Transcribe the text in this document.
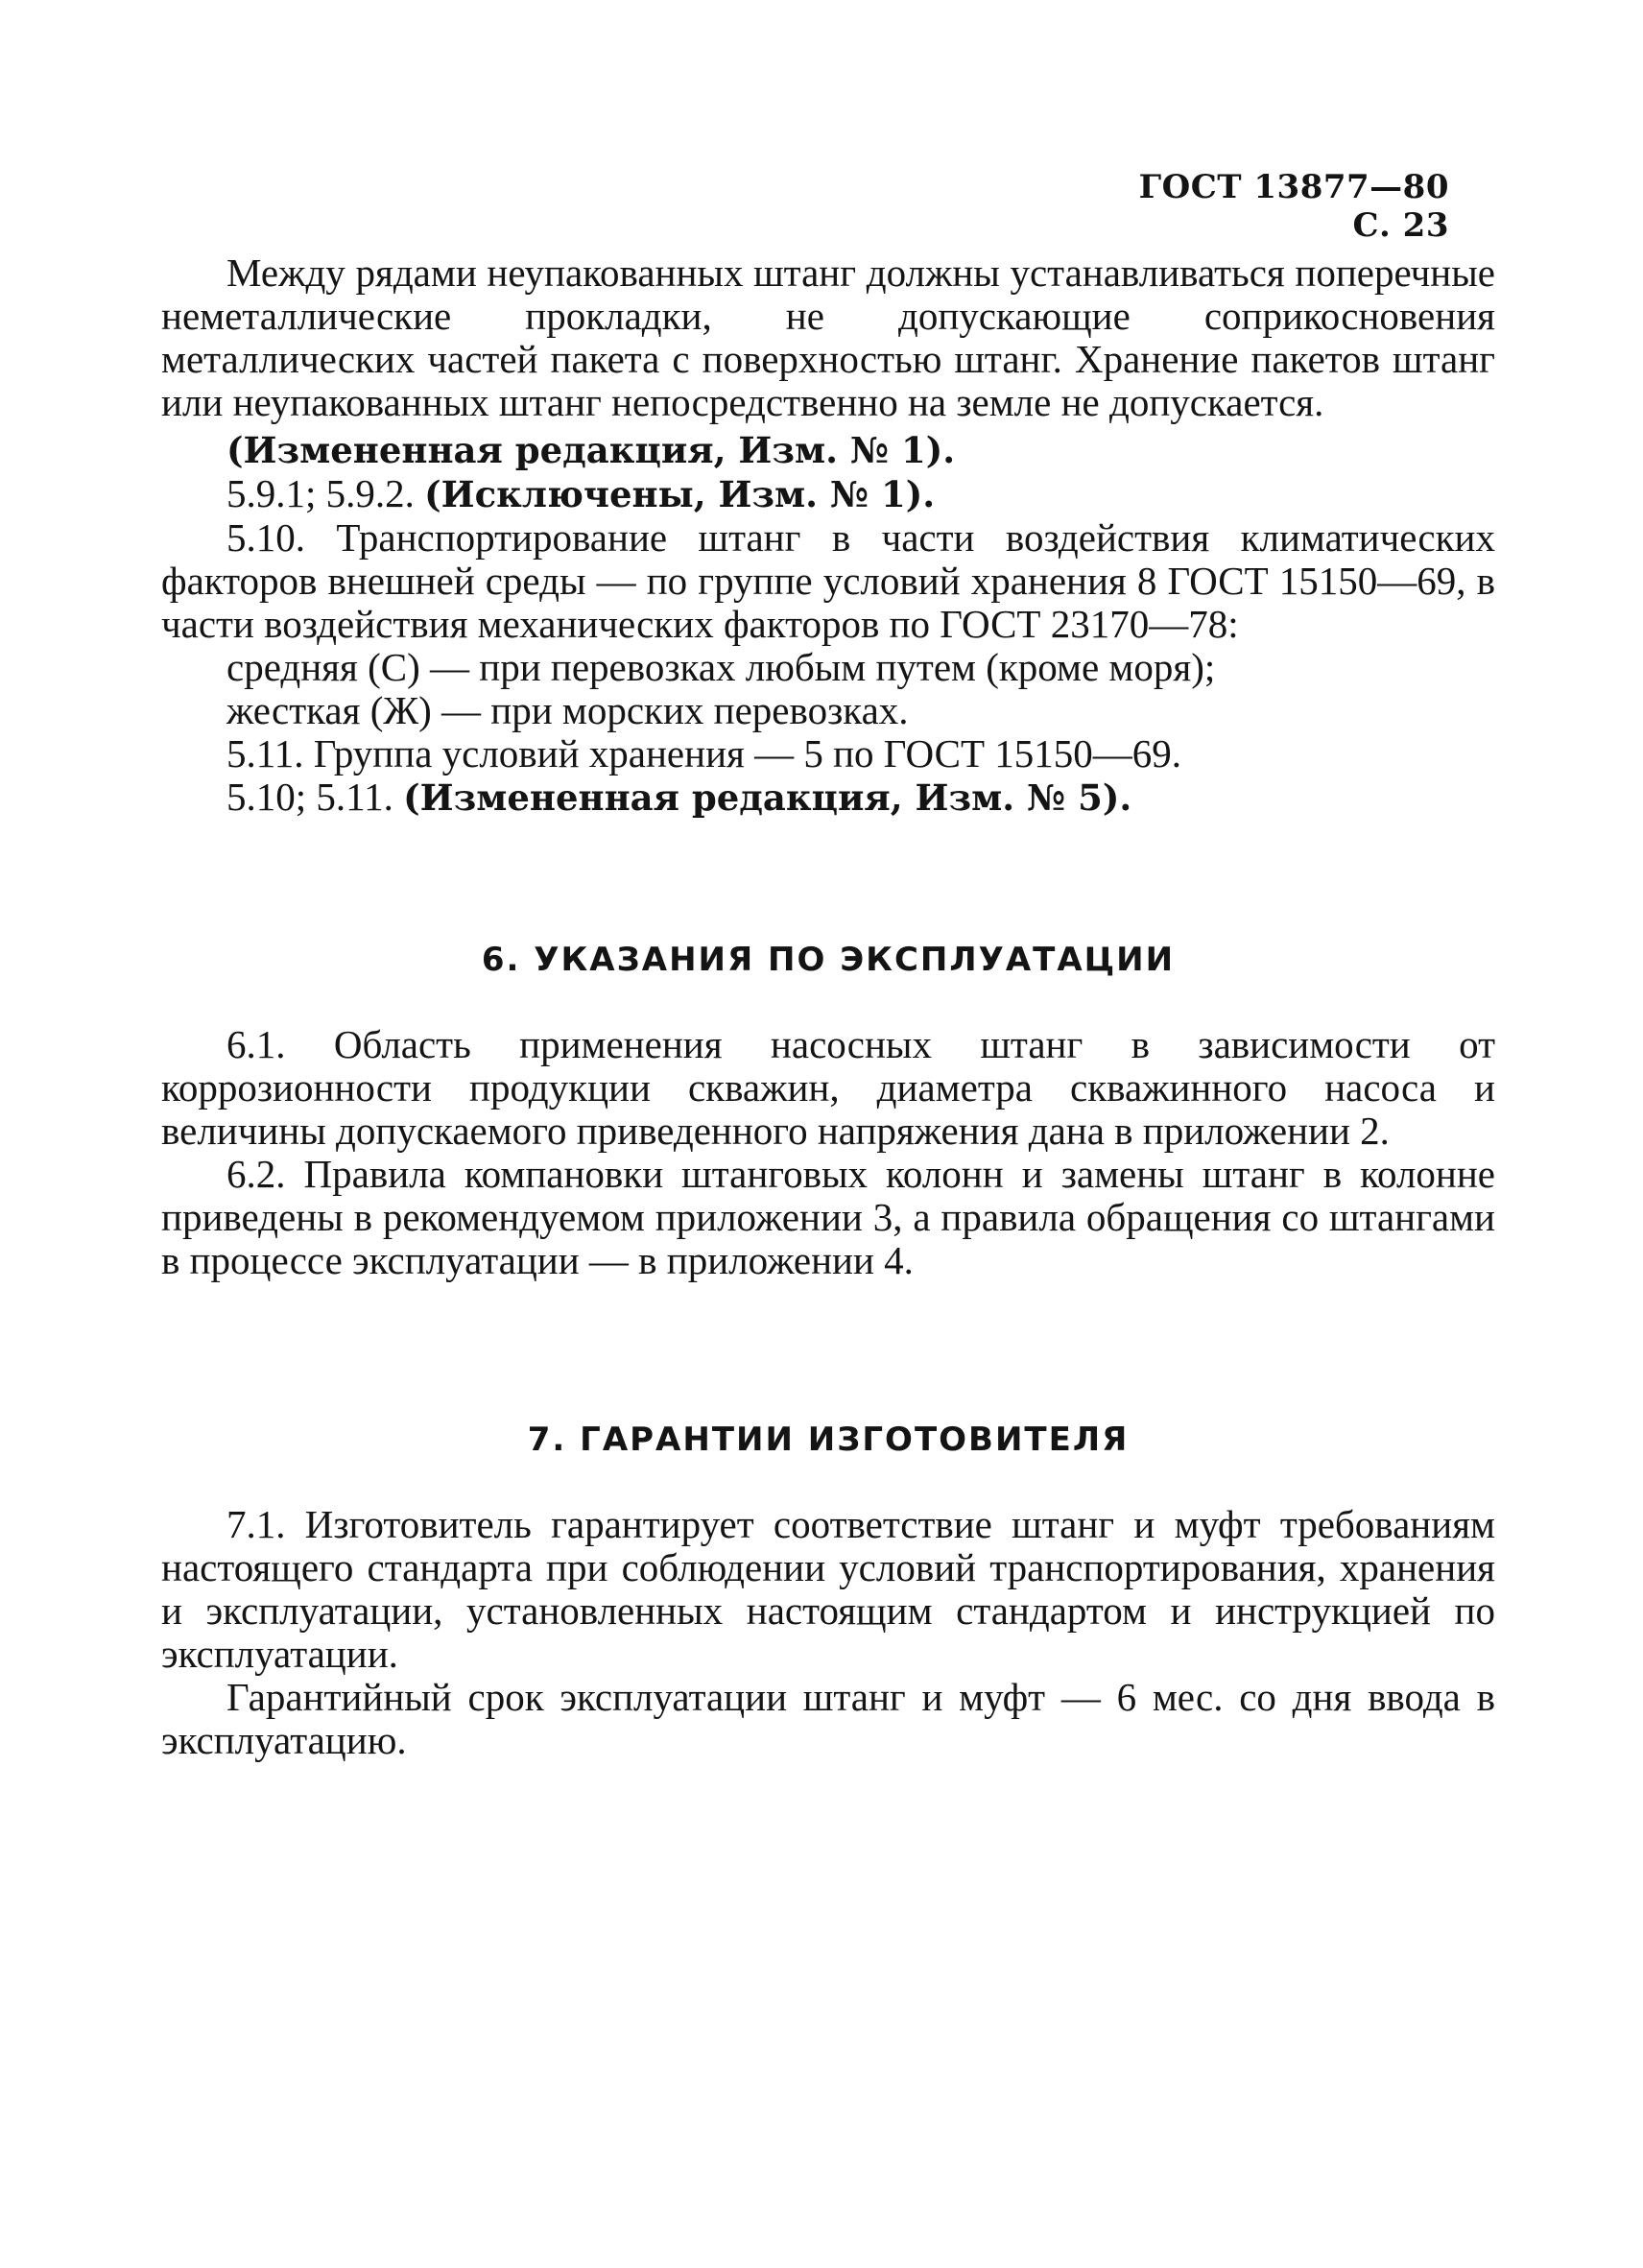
ГОСТ 13877—80 С. 23

Между рядами неупакованных штанг должны устанавливаться поперечные неметаллические прокладки, не допускающие соприкосновения металлических частей пакета с поверхностью штанг. Хранение пакетов штанг или неупакованных штанг непосредственно на земле не допускается.

(Измененная редакция, Изм. № 1).

5.9.1; 5.9.2. (Исключены, Изм. № 1).

5.10. Транспортирование штанг в части воздействия климатических факторов внешней среды — по группе условий хранения 8 ГОСТ 15150—69, в части воздействия механических факторов по ГОСТ 23170—78:

средняя (С) — при перевозках любым путем (кроме моря);

жесткая (Ж) — при морских перевозках.

5.11. Группа условий хранения — 5 по ГОСТ 15150—69.

5.10; 5.11. (Измененная редакция, Изм. № 5).

6. УКАЗАНИЯ ПО ЭКСПЛУАТАЦИИ

6.1. Область применения насосных штанг в зависимости от коррозионности продукции скважин, диаметра скважинного насоса и величины допускаемого приведенного напряжения дана в приложении 2.

6.2. Правила компановки штанговых колонн и замены штанг в колонне приведены в рекомендуемом приложении 3, а правила обращения со штангами в процессе эксплуатации — в приложении 4.

7. ГАРАНТИИ ИЗГОТОВИТЕЛЯ

7.1. Изготовитель гарантирует соответствие штанг и муфт требованиям настоящего стандарта при соблюдении условий транспортирования, хранения и эксплуатации, установленных настоящим стандартом и инструкцией по эксплуатации.

Гарантийный срок эксплуатации штанг и муфт — 6 мес. со дня ввода в эксплуатацию.
